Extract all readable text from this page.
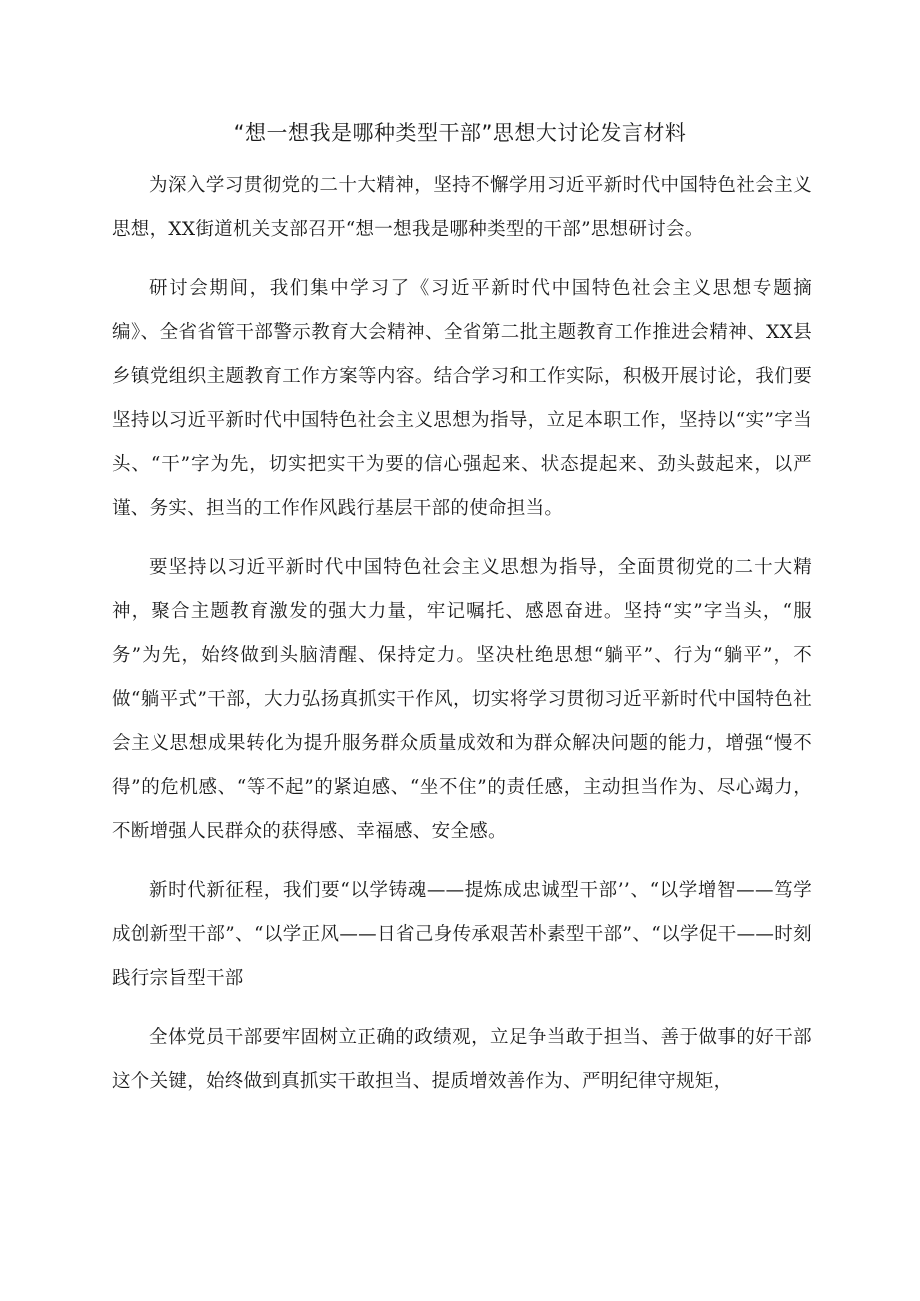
“想一想我是哪种类型干部”思想大讨论发言材料

为深入学习贯彻党的二十大精神，坚持不懈学用习近平新时代中国特色社会主义思想，XX街道机关支部召开“想一想我是哪种类型的干部”思想研讨会。

研讨会期间，我们集中学习了《习近平新时代中国特色社会主义思想专题摘编》、全省省管干部警示教育大会精神、全省第二批主题教育工作推进会精神、XX县乡镇党组织主题教育工作方案等内容。结合学习和工作实际，积极开展讨论，我们要坚持以习近平新时代中国特色社会主义思想为指导，立足本职工作，坚持以“实”字当头、“干”字为先，切实把实干为要的信心强起来、状态提起来、劲头鼓起来，以严谨、务实、担当的工作作风践行基层干部的使命担当。

要坚持以习近平新时代中国特色社会主义思想为指导，全面贯彻党的二十大精神，聚合主题教育激发的强大力量，牢记嘱托、感恩奋进。坚持“实”字当头，“服务”为先，始终做到头脑清醒、保持定力。坚决杜绝思想“躺平”、行为“躺平”，不做“躺平式”干部，大力弘扬真抓实干作风，切实将学习贯彻习近平新时代中国特色社会主义思想成果转化为提升服务群众质量成效和为群众解决问题的能力，增强“慢不得”的危机感、“等不起”的紧迫感、“坐不住”的责任感，主动担当作为、尽心竭力，不断增强人民群众的获得感、幸福感、安全感。

新时代新征程，我们要“以学铸魂——提炼成忠诚型干部’’、“以学增智——笃学成创新型干部”、“以学正风——日省己身传承艰苦朴素型干部”、“以学促干——时刻践行宗旨型干部

全体党员干部要牢固树立正确的政绩观，立足争当敢于担当、善于做事的好干部这个关键，始终做到真抓实干敢担当、提质增效善作为、严明纪律守规矩，
